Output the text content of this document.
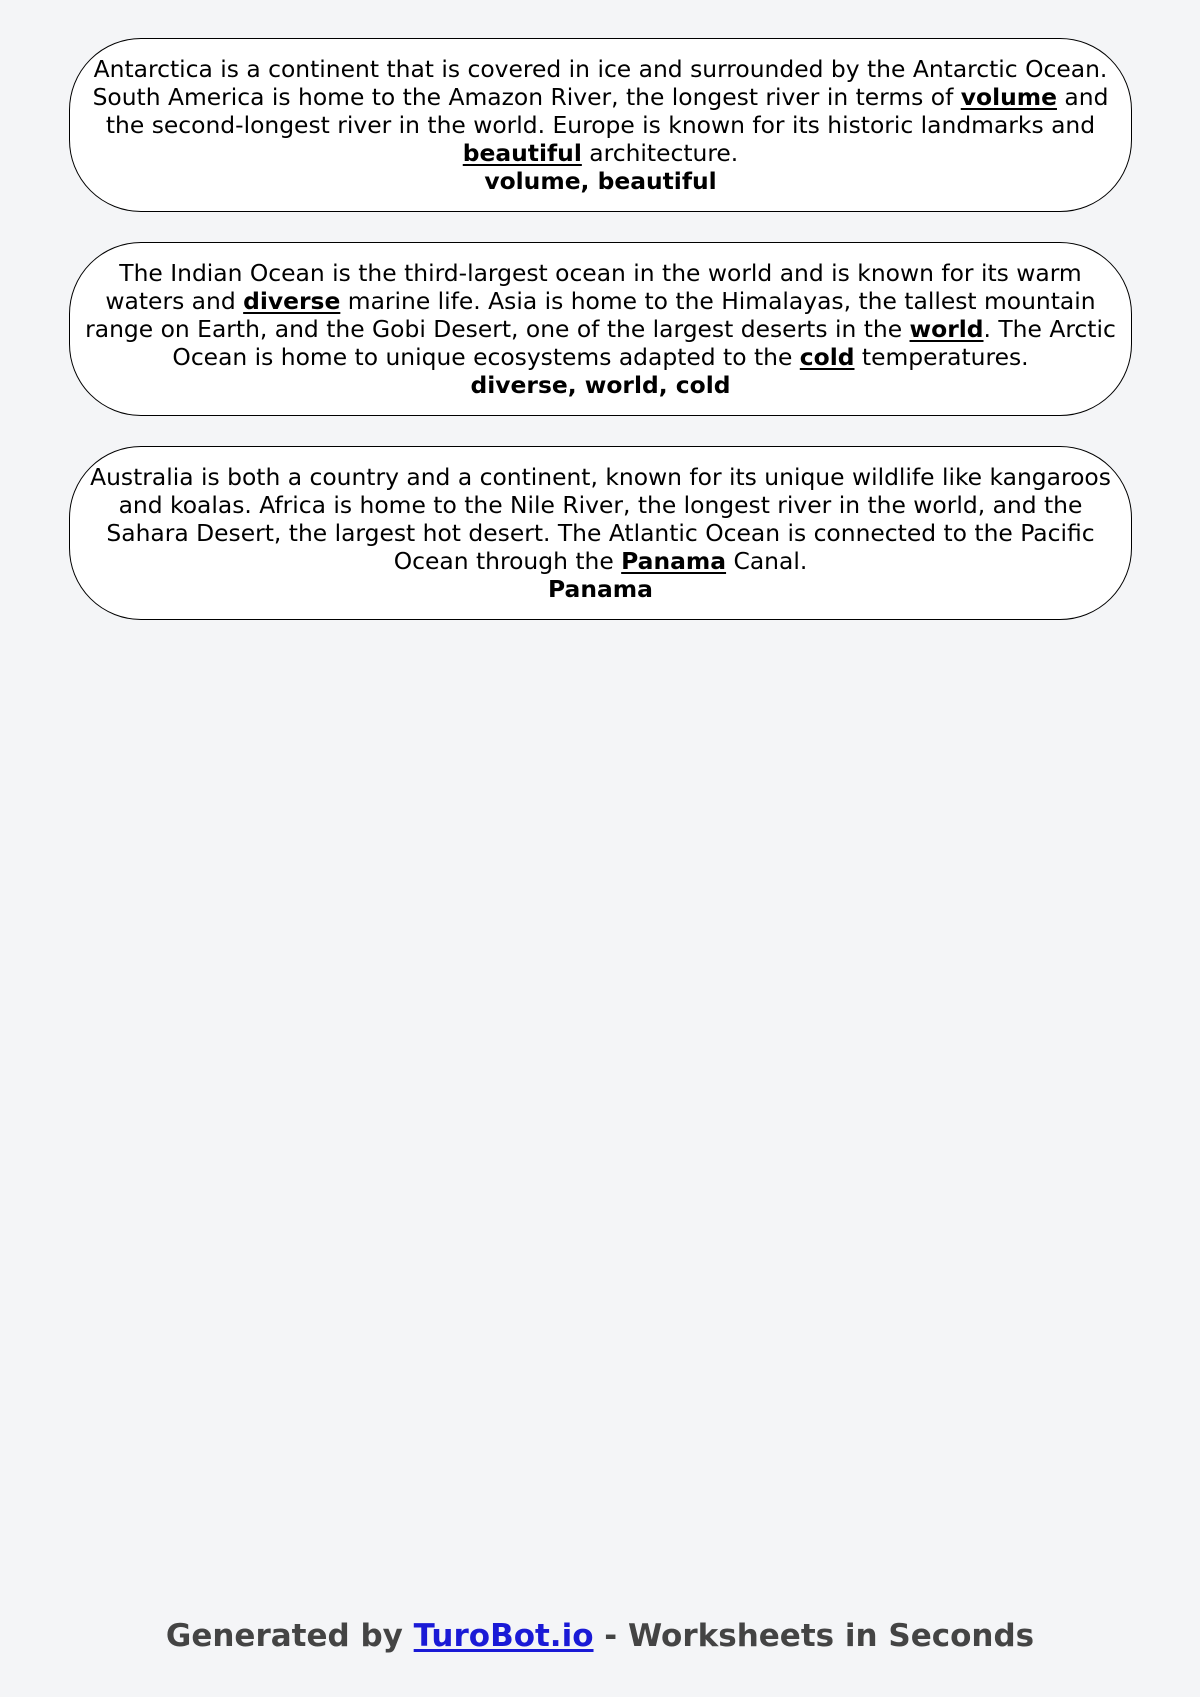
Antarctica is a continent that is covered in ice and surrounded by the Antarctic Ocean. South America is home to the Amazon River, the longest river in terms of volume and the second-longest river in the world. Europe is known for its historic landmarks and beautiful architecture.

volume, beautiful

The Indian Ocean is the third-largest ocean in the world and is known for its warm waters and diverse marine life. Asia is home to the Himalayas, the tallest mountain range on Earth, and the Gobi Desert, one of the largest deserts in the world. The Arctic Ocean is home to unique ecosystems adapted to the cold temperatures.

diverse, world, cold

Australia is both a country and a continent, known for its unique wildlife like kangaroos and koalas. Africa is home to the Nile River, the longest river in the world, and the Sahara Desert, the largest hot desert. The Atlantic Ocean is connected to the Pacific Ocean through the Panama Canal.

Panama

Generated by TuroBot.io - Worksheets in Seconds
